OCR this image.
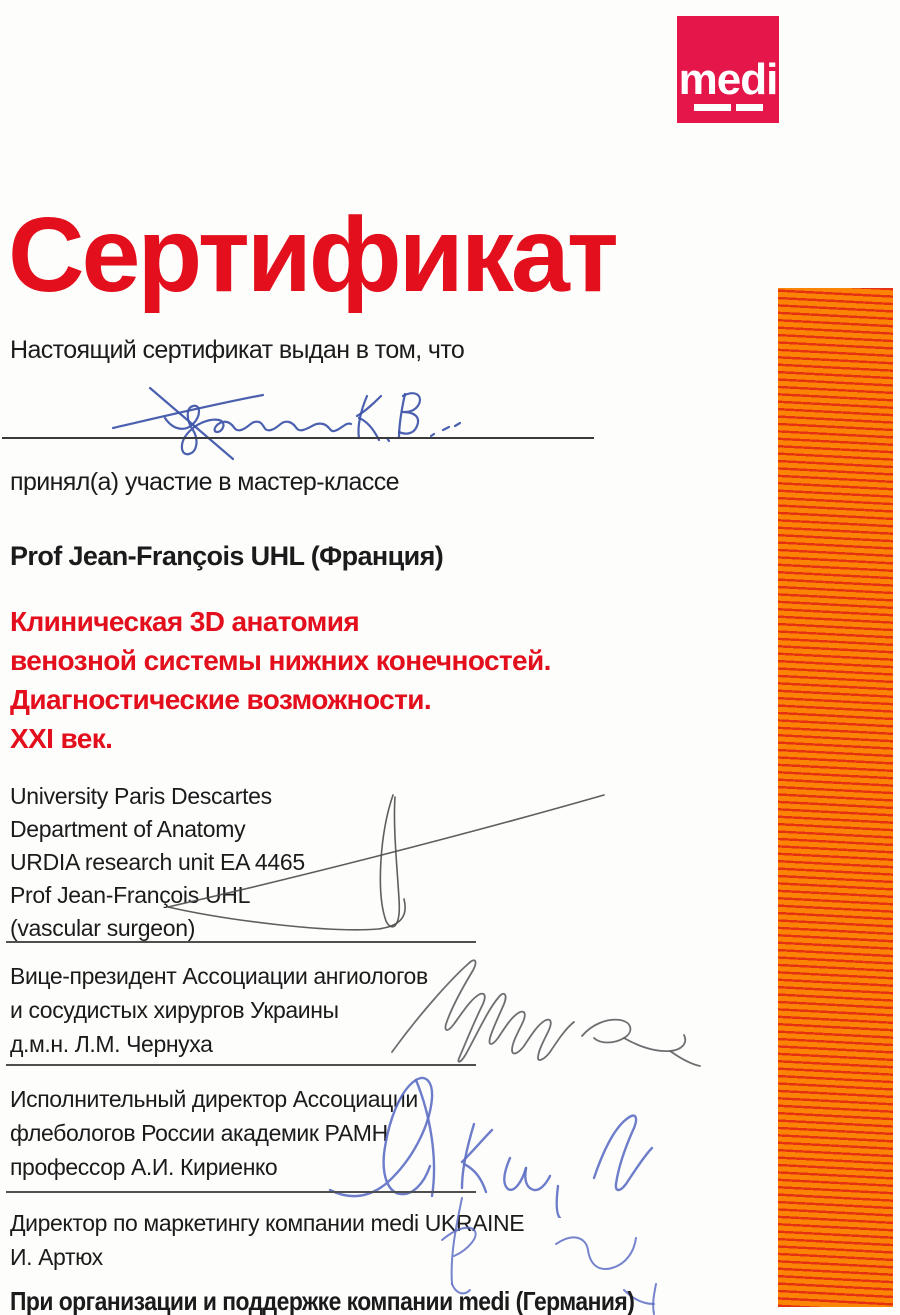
medi
Сертификат
Настоящий сертификат выдан в том, что
принял(а) участие в мастер-классе
Prof Jean-François UHL (Франция)
Клиническая 3D анатомия
венозной системы нижних конечностей.
Диагностические возможности.
XXI век.
University Paris Descartes
Department of Anatomy
URDIA research unit EA 4465
Prof Jean-François UHL
(vascular surgeon)
Вице-президент Ассоциации ангиологов
и сосудистых хирургов Украины
д.м.н. Л.М. Чернуха
Исполнительный директор Ассоциации
флебологов России академик РАМН
профессор А.И. Кириенко
Директор по маркетингу компании medi UKRAINE
И. Артюх
При организации и поддержке компании medi (Германия)
